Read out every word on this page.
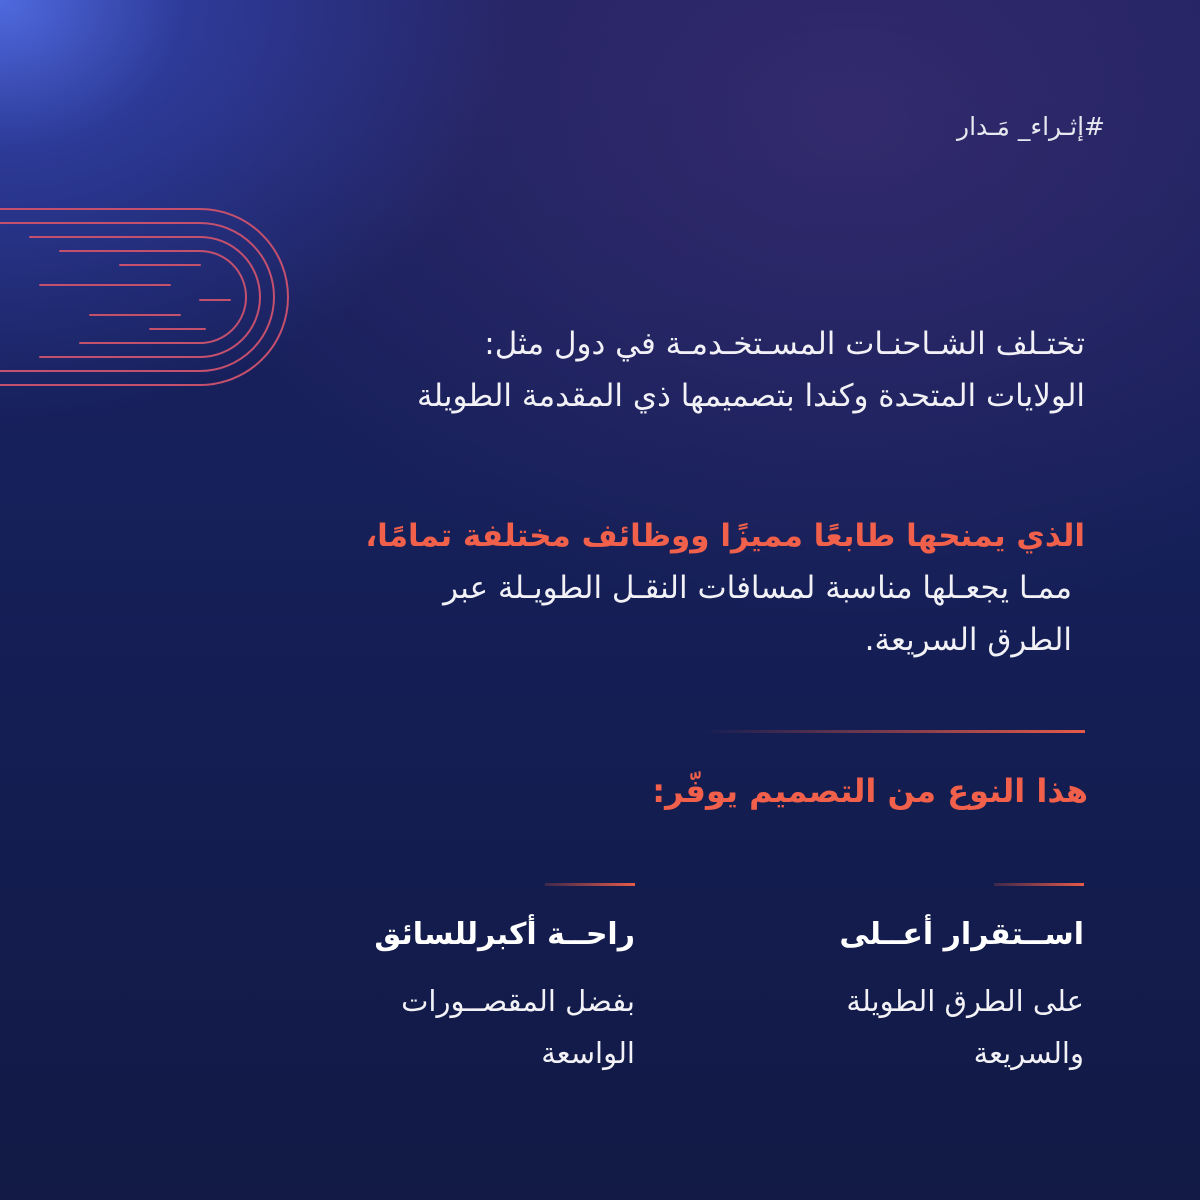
#إثـراء_ مَـدار
تختـلف الشـاحنـات المسـتخـدمـة في دول مثل:
الولايات المتحدة وكندا بتصميمها ذي المقدمة الطويلة
الذي يمنحها طابعًا مميزًا ووظائف مختلفة تمامًا،
ممـا يجعـلها مناسبة لمسافات النقـل الطويـلة عبر
الطرق السريعة.
هذا النوع من التصميم يوفّر:
اســتقرار أعــلى
على الطرق الطويلة
والسريعة
راحــة أكبرللسائق
بفضل المقصــورات
الواسعة
